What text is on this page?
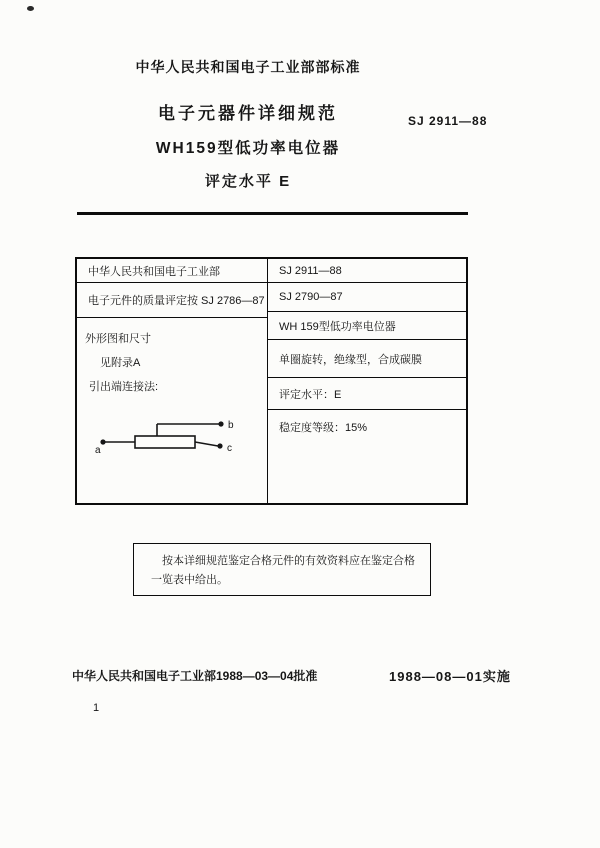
中华人民共和国电子工业部部标准
电子元器件详细规范	SJ 2911—88
WH159型低功率电位器
评定水平 E
中华人民共和国电子工业部
电子元件的质量评定按 SJ 2786—87
外形图和尺寸
见附录A
引出端连接法:
a
b
c
SJ 2911—88
SJ 2790—87
WH 159型低功率电位器
单圈旋转，绝缘型，合成碳膜
评定水平：E
稳定度等级：15%
按本详细规范鉴定合格元件的有效资料应在鉴定合格
一览表中给出。
中华人民共和国电子工业部1988—03—04批准	1988—08—01实施
1
